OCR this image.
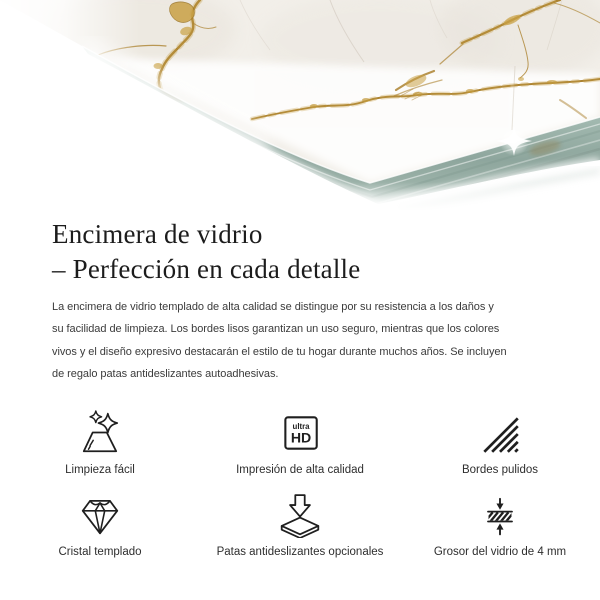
Encimera de vidrio
– Perfección en cada detalle
La encimera de vidrio templado de alta calidad se distingue por su resistencia a los daños y
su facilidad de limpieza. Los bordes lisos garantizan un uso seguro, mientras que los colores
vivos y el diseño expresivo destacarán el estilo de tu hogar durante muchos años. Se incluyen
de regalo patas antideslizantes autoadhesivas.
Limpieza fácil
ultra
HD
Impresión de alta calidad	Bordes pulidos
Cristal templado	Patas antideslizantes opcionales	Grosor del vidrio de 4 mm
